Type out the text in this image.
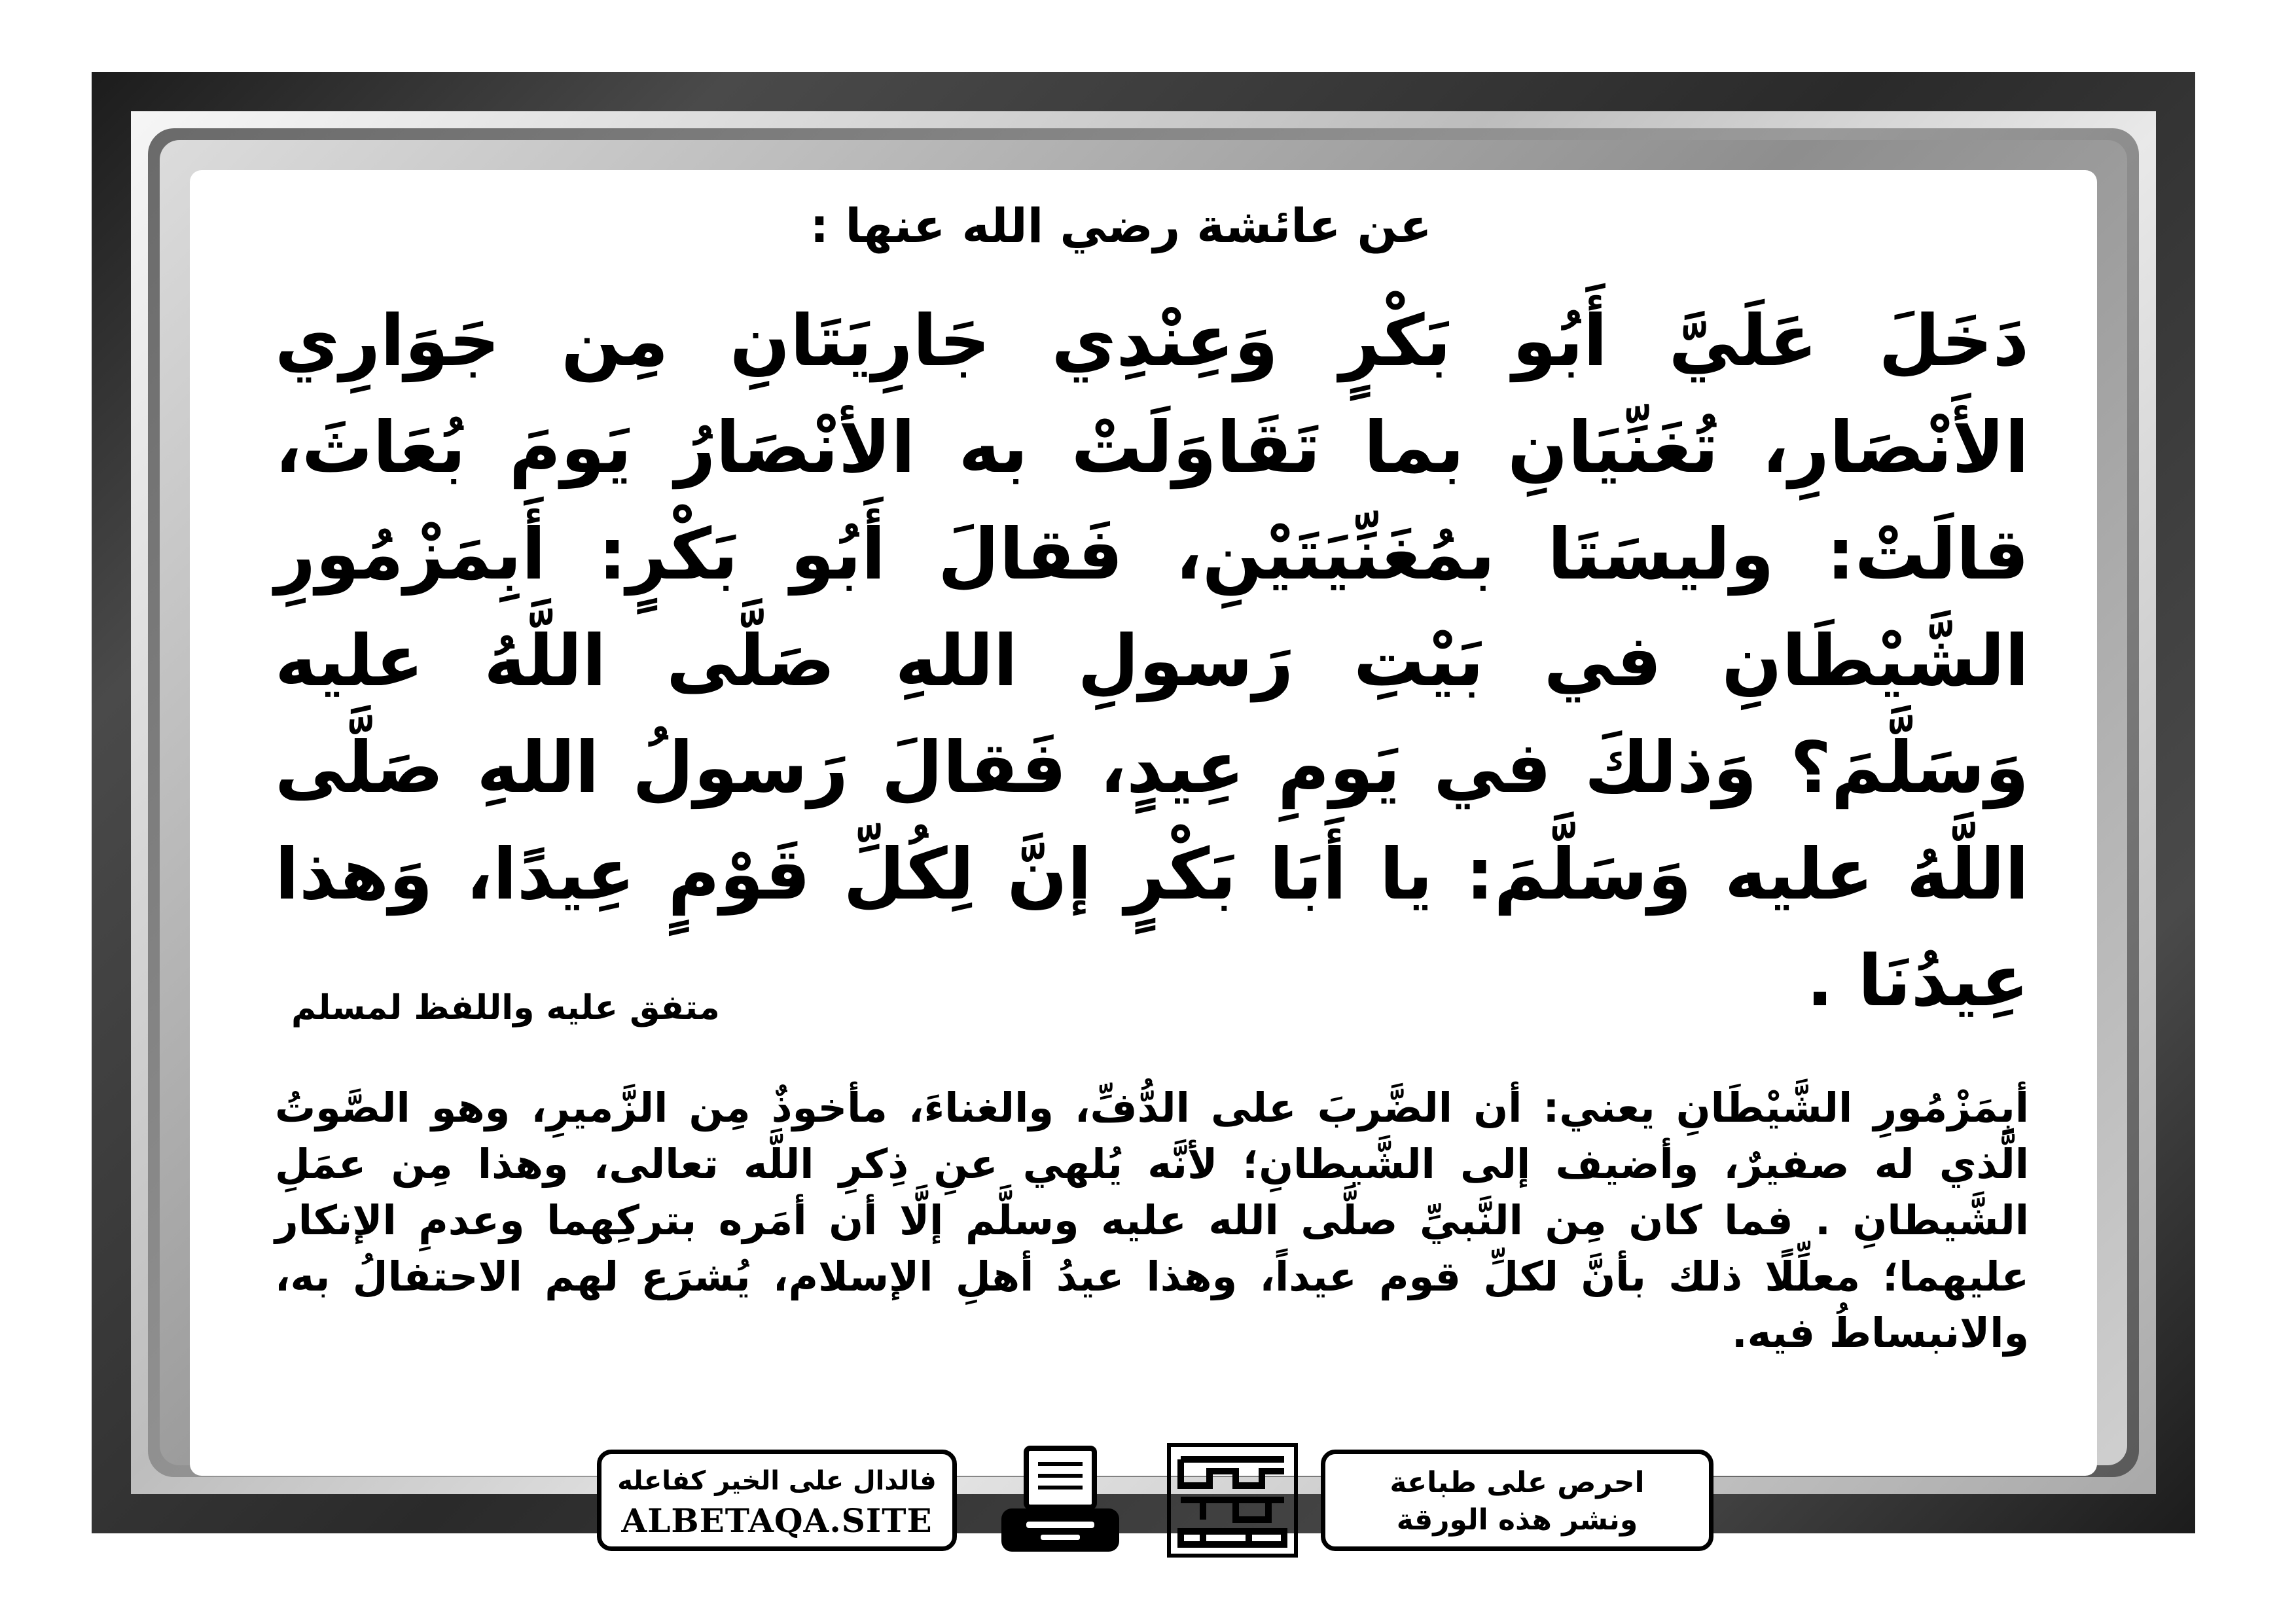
عن عائشة رضي الله عنها :
دَخَلَ عَلَيَّ أَبُو بَكْرٍ وَعِنْدِي جَارِيَتَانِ مِن جَوَارِي الأَنْصَارِ، تُغَنِّيَانِ بما تَقَاوَلَتْ به الأنْصَارُ يَومَ بُعَاثَ، قالَتْ: وليسَتَا بمُغَنِّيَتَيْنِ، فَقالَ أَبُو بَكْرٍ: أَبِمَزْمُورِ الشَّيْطَانِ في بَيْتِ رَسولِ اللهِ صَلَّى اللَّهُ عليه وَسَلَّمَ؟ وَذلكَ في يَومِ عِيدٍ، فَقالَ رَسولُ اللهِ صَلَّى اللَّهُ عليه وَسَلَّمَ: يا أَبَا بَكْرٍ إنَّ لِكُلِّ قَوْمٍ عِيدًا، وَهذا عِيدُنَا .
متفق عليه واللفظ لمسلم
أبِمَزْمُورِ الشَّيْطَانِ يعني: أن الضَّربَ على الدُّفِّ، والغناءَ، مأخوذٌ مِن الزَّميرِ، وهو الصَّوتُ الَّذي له صفيرٌ، وأضيف إلى الشَّيطانِ؛ لأنَّه يُلهي عنِ ذِكرِ اللَّه تعالى، وهذا مِن عمَلِ الشَّيطانِ . فما كان مِن النَّبيِّ صلَّى الله عليه وسلَّم إلَّا أن أمَره بتركِهما وعدمِ الإنكار عليهما؛ معلِّلًا ذلك بأنَّ لكلِّ قوم عيداً، وهذا عيدُ أهلِ الإسلام، يُشرَع لهم الاحتفالُ به، والانبساطُ فيه.
فالدال على الخير كفاعله
ALBETAQA.SITE
احرص على طباعة
ونشر هذه الورقة
